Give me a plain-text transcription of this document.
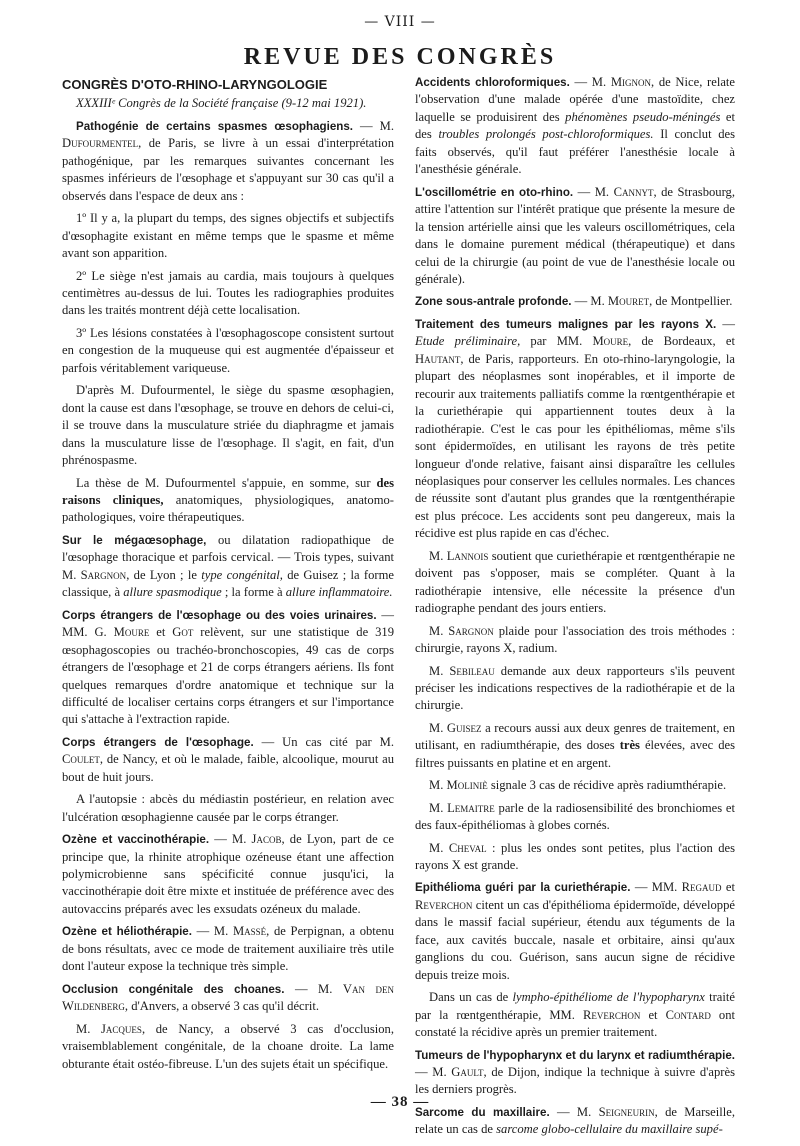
— VIII —
REVUE DES CONGRÈS
CONGRÈS D'OTO-RHINO-LARYNGOLOGIE

XXXIIIᵉ Congrès de la Société française (9-12 mai 1921).

Pathogénie de certains spasmes œsophagiens. — M. Dufourmentel, de Paris, se livre à un essai d'interprétation pathogénique, par les remarques suivantes concernant les spasmes inférieurs de l'œsophage et s'appuyant sur 30 cas qu'il a observés dans l'espace de deux ans :

1º Il y a, la plupart du temps, des signes objectifs et subjectifs d'œsophagite existant en même temps que le spasme et même avant son apparition.

2º Le siège n'est jamais au cardia, mais toujours à quelques centimètres au-dessus de lui. Toutes les radiographies produites dans les traités montrent déjà cette localisation.

3º Les lésions constatées à l'œsophagoscope consistent surtout en congestion de la muqueuse qui est augmentée d'épaisseur et parfois véritablement variqueuse.

D'après M. Dufourmentel, le siège du spasme œsophagien, dont la cause est dans l'œsophage, se trouve en dehors de celui-ci, il se trouve dans la musculature striée du diaphragme et jamais dans la musculature lisse de l'œsophage. Il s'agit, en fait, d'un phrénospasme.

La thèse de M. Dufourmentel s'appuie, en somme, sur des raisons cliniques, anatomiques, physiologiques, anatomo-pathologiques, voire thérapeutiques.

Sur le mégaœsophage, ou dilatation radiopathique de l'œsophage thoracique et parfois cervical. — Trois types, suivant M. Sargnon, de Lyon ; le type congénital, de Guisez ; la forme classique, à allure spasmodique ; la forme à allure inflammatoire.

Corps étrangers de l'œsophage ou des voies urinaires. — MM. G. Moure et Got relèvent, sur une statistique de 319 œsophagoscopies ou trachéo-bronchoscopies, 49 cas de corps étrangers de l'œsophage et 21 de corps étrangers aériens. Ils font quelques remarques d'ordre anatomique et technique sur la difficulté de localiser certains corps étrangers et sur l'importance qui s'attache à l'extraction rapide.

Corps étrangers de l'œsophage. — Un cas cité par M. Coulet, de Nancy, et où le malade, faible, alcoolique, mourut au bout de huit jours.

A l'autopsie : abcès du médiastin postérieur, en relation avec l'ulcération œsophagienne causée par le corps étranger.

Ozène et vaccinothérapie. — M. Jacob, de Lyon, part de ce principe que, la rhinite atrophique ozéneuse étant une affection polymicrobienne sans spécificité connue jusqu'ici, la vaccinothérapie doit être mixte et instituée de préférence avec des autovaccins préparés avec les exsudats ozéneux du malade.

Ozène et héliothérapie. — M. Massé, de Perpignan, a obtenu de bons résultats, avec ce mode de traitement auxiliaire très utile dont l'auteur expose la technique très simple.

Occlusion congénitale des choanes. — M. Van den Wildenberg, d'Anvers, a observé 3 cas qu'il décrit.

M. Jacques, de Nancy, a observé 3 cas d'occlusion, vraisemblablement congénitale, de la choane droite. La lame obturante était ostéo-fibreuse. L'un des sujets était un spécifique.

Accidents chloroformiques. — M. Mignon, de Nice, relate l'observation d'une malade opérée d'une mastoïdite, chez laquelle se produisirent des phénomènes pseudo-méningés et des troubles prolongés post-chloroformiques. Il conclut des faits observés, qu'il faut préférer l'anesthésie locale à l'anesthésie générale.

L'oscillométrie en oto-rhino. — M. Cannyt, de Strasbourg, attire l'attention sur l'intérêt pratique que présente la mesure de la tension artérielle ainsi que les valeurs oscillométriques, cela dans le domaine purement médical (thérapeutique) et dans celui de la chirurgie (au point de vue de l'anesthésie locale ou générale).

Zone sous-antrale profonde. — M. Mouret, de Montpellier.

Traitement des tumeurs malignes par les rayons X. — Etude préliminaire, par MM. Moure, de Bordeaux, et Hautant, de Paris, rapporteurs. En oto-rhino-laryngologie, la plupart des néoplasmes sont inopérables, et il importe de recourir aux traitements palliatifs comme la rœntgenthérapie et la curiethérapie qui appartiennent toutes deux à la radiothérapie. C'est le cas pour les épithéliomas, même s'ils sont épidermoïdes, en utilisant les rayons de très petite longueur d'onde relative, faisant ainsi disparaître les cellules néoplasiques pour conserver les cellules normales. Les chances de réussite sont d'autant plus grandes que la rœntgenthérapie est plus précoce. Les accidents sont peu dangereux, mais la récidive est plus rapide en cas d'échec.

M. Lannois soutient que curiethérapie et rœntgenthérapie ne doivent pas s'opposer, mais se compléter. Quant à la radiothérapie intensive, elle nécessite la présence d'un radiographe pendant des jours entiers.

M. Sargnon plaide pour l'association des trois méthodes : chirurgie, rayons X, radium.

M. Sebileau demande aux deux rapporteurs s'ils peuvent préciser les indications respectives de la radiothérapie et de la chirurgie.

M. Guisez a recours aussi aux deux genres de traitement, en utilisant, en radiumthérapie, des doses très élevées, avec des filtres puissants en platine et en argent.

M. Moliniè signale 3 cas de récidive après radiumthérapie.

M. Lemaitre parle de la radiosensibilité des bronchiomes et des faux-épithéliomas à globes cornés.

M. Cheval : plus les ondes sont petites, plus l'action des rayons X est grande.

Epithélioma guéri par la curiethérapie. — MM. Regaud et Reverchon citent un cas d'épithélioma épidermoïde, développé dans le massif facial supérieur, étendu aux téguments de la face, aux cavités buccale, nasale et orbitaire, ainsi qu'aux ganglions du cou. Guérison, sans aucun signe de récidive depuis treize mois.

Dans un cas de lympho-épithéliome de l'hypopharynx traité par la rœntgenthérapie, MM. Reverchon et Contard ont constaté la récidive après un premier traitement.

Tumeurs de l'hypopharynx et du larynx et radiumthérapie. — M. Gault, de Dijon, indique la technique à suivre d'après les derniers progrès.

Sarcome du maxillaire. — M. Seigneurin, de Marseille, relate un cas de sarcome globo-cellulaire du maxillaire supé-

— 38 —
